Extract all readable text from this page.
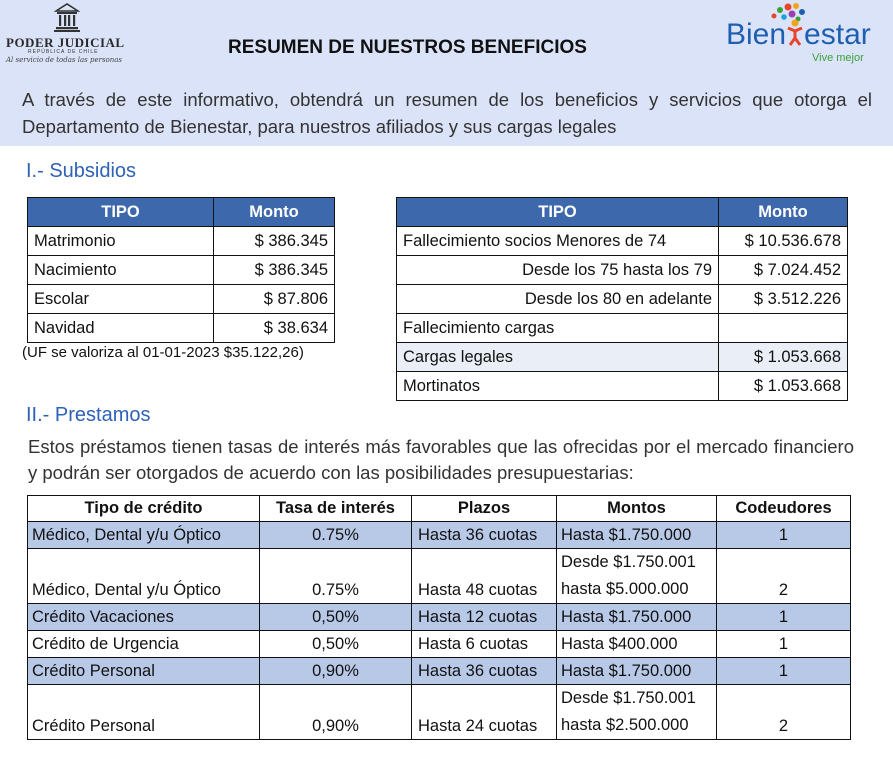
PODER JUDICIAL
REPÚBLICA DE CHILE
Al servicio de todas las personas
RESUMEN DE NUESTROS BENEFICIOS	Bien estar
Vive mejor

A través de este informativo, obtendrá un resumen de los beneficios y servicios que otorga el Departamento de Bienestar, para nuestros afiliados y sus cargas legales

I.- Subsidios
TIPO	Monto
Matrimonio	$ 386.345
Nacimiento	$ 386.345
Escolar	$ 87.806
Navidad	$ 38.634
(UF se valoriza al 01-01-2023 $35.122,26)
TIPO	Monto
Fallecimiento socios Menores de 74	$ 10.536.678
Desde los 75 hasta los 79	$ 7.024.452
Desde los 80 en adelante	$ 3.512.226
Fallecimiento cargas	
Cargas legales	$ 1.053.668
Mortinatos	$ 1.053.668
II.- Prestamos

Estos préstamos tienen tasas de interés más favorables que las ofrecidas por el mercado financiero y podrán ser otorgados de acuerdo con las posibilidades presupuestarias:

Tipo de crédito	Tasa de interés	Plazos	Montos	Codeudores
Médico, Dental y/u Óptico	0.75%	Hasta 36 cuotas	Hasta $1.750.000	1
Médico, Dental y/u Óptico	0.75%	Hasta 48 cuotas	Desde $1.750.001
hasta $5.000.000	2
Crédito Vacaciones	0,50%	Hasta 12 cuotas	Hasta $1.750.000	1
Crédito de Urgencia	0,50%	Hasta 6 cuotas	Hasta $400.000	1
Crédito Personal	0,90%	Hasta 36 cuotas	Hasta $1.750.000	1
Crédito Personal	0,90%	Hasta 24 cuotas	Desde $1.750.001
hasta $2.500.000	2
